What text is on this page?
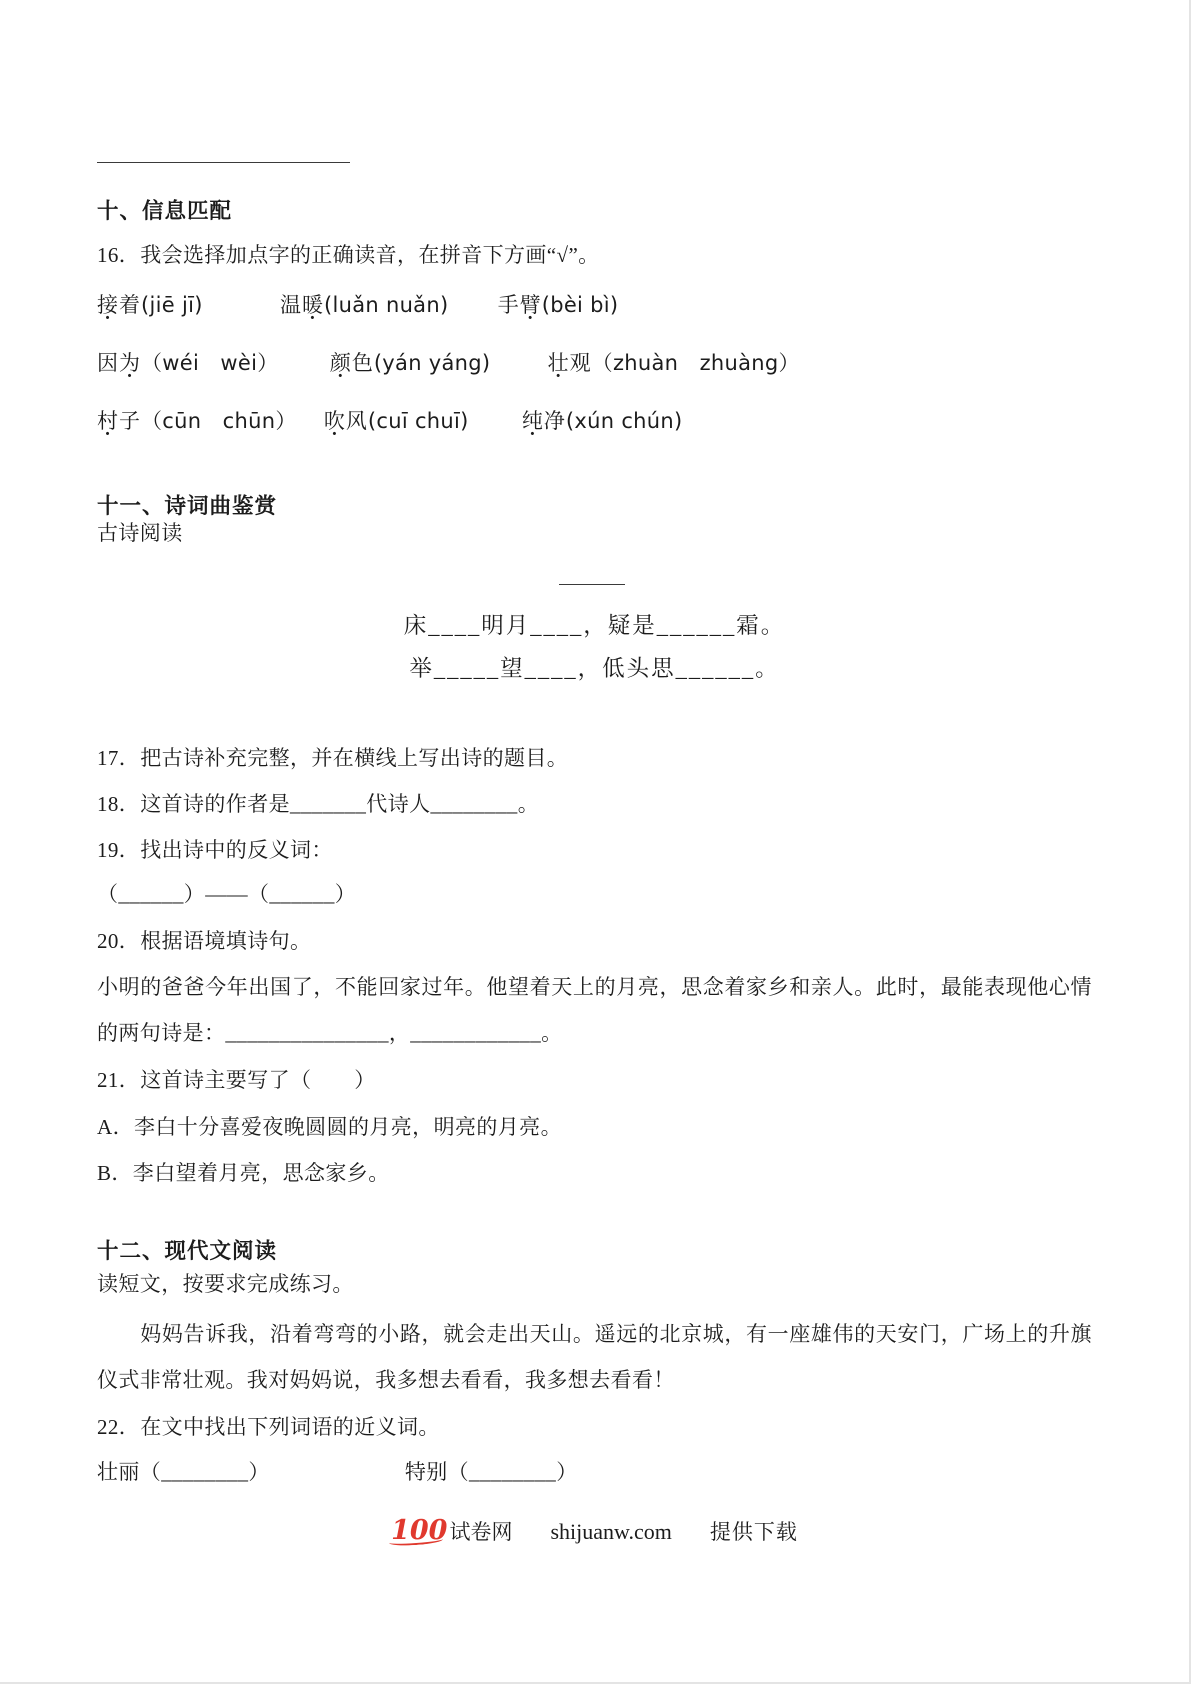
十、信息匹配
16．我会选择加点字的正确读音，在拼音下方画“√”。
接着(jiē jī)	温暖(luǎn nuǎn) 手臂(bèi bì)
因为（wéi　wèi） 颜色(yán yáng)	壮观（zhuàn　zhuàng）
村子（cūn　chūn） 吹风(cuī chuī)	纯净(xún chún)
十一、诗词曲鉴赏
古诗阅读
床____明月____，疑是______霜。
举_____望____，低头思______。
17．把古诗补充完整，并在横线上写出诗的题目。
18．这首诗的作者是_______代诗人________。
19．找出诗中的反义词：
（______）——（______）
20．根据语境填诗句。
小明的爸爸今年出国了，不能回家过年。他望着天上的月亮，思念着家乡和亲人。此时，最能表现他心情
的两句诗是：_______________，____________。
21．这首诗主要写了（　　）
A．李白十分喜爱夜晚圆圆的月亮，明亮的月亮。
B．李白望着月亮，思念家乡。
十二、现代文阅读
读短文，按要求完成练习。
　　妈妈告诉我，沿着弯弯的小路，就会走出天山。遥远的北京城，有一座雄伟的天安门，广场上的升旗
仪式非常壮观。我对妈妈说，我多想去看看，我多想去看看！
22．在文中找出下列词语的近义词。
壮丽（________）	特别（________）
100 试卷网 shijuanw.com 提供下载
